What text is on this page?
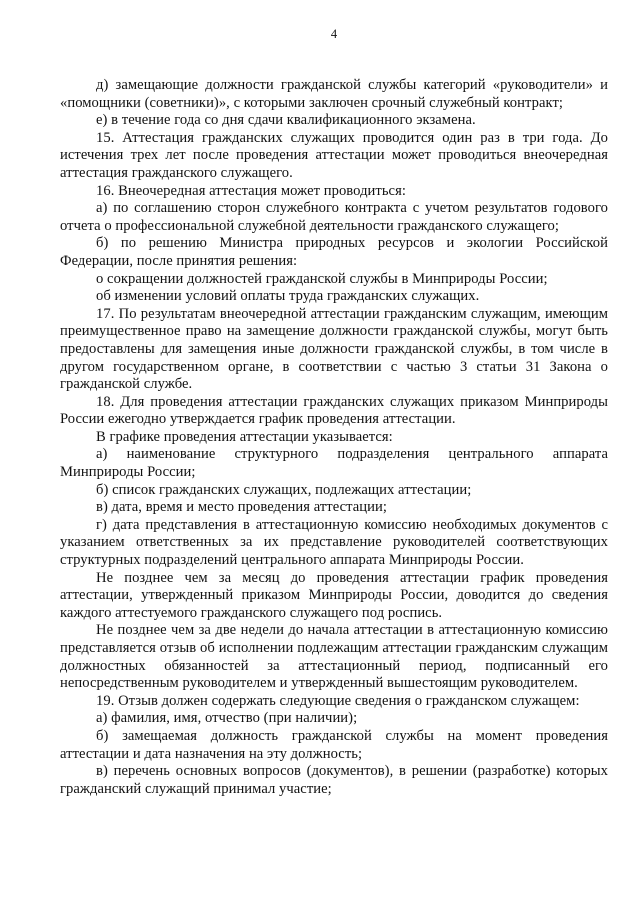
4

д) замещающие должности гражданской службы категорий «руководители» и «помощники (советники)», с которыми заключен срочный служебный контракт;

е) в течение года со дня сдачи квалификационного экзамена.

15. Аттестация гражданских служащих проводится один раз в три года. До истечения трех лет после проведения аттестации может проводиться внеочередная аттестация гражданского служащего.

16. Внеочередная аттестация может проводиться:

а) по соглашению сторон служебного контракта с учетом результатов годового отчета о профессиональной служебной деятельности гражданского служащего;

б) по решению Министра природных ресурсов и экологии Российской Федерации, после принятия решения:

о сокращении должностей гражданской службы в Минприроды России;

об изменении условий оплаты труда гражданских служащих.

17. По результатам внеочередной аттестации гражданским служащим, имеющим преимущественное право на замещение должности гражданской службы, могут быть предоставлены для замещения иные должности гражданской службы, в том числе в другом государственном органе, в соответствии с частью 3 статьи 31 Закона о гражданской службе.

18. Для проведения аттестации гражданских служащих приказом Минприроды России ежегодно утверждается график проведения аттестации.

В графике проведения аттестации указывается:

а) наименование структурного подразделения центрального аппарата Минприроды России;

б) список гражданских служащих, подлежащих аттестации;

в) дата, время и место проведения аттестации;

г) дата представления в аттестационную комиссию необходимых документов с указанием ответственных за их представление руководителей соответствующих структурных подразделений центрального аппарата Минприроды России.

Не позднее чем за месяц до проведения аттестации график проведения аттестации, утвержденный приказом Минприроды России, доводится до сведения каждого аттестуемого гражданского служащего под роспись.

Не позднее чем за две недели до начала аттестации в аттестационную комиссию представляется отзыв об исполнении подлежащим аттестации гражданским служащим должностных обязанностей за аттестационный период, подписанный его непосредственным руководителем и утвержденный вышестоящим руководителем.

19. Отзыв должен содержать следующие сведения о гражданском служащем:

а) фамилия, имя, отчество (при наличии);

б) замещаемая должность гражданской службы на момент проведения аттестации и дата назначения на эту должность;

в) перечень основных вопросов (документов), в решении (разработке) которых гражданский служащий принимал участие;
